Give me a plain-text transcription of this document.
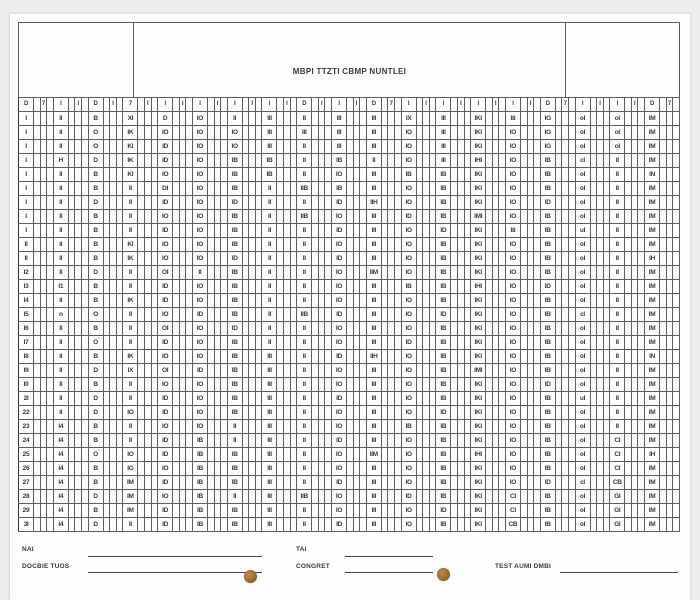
MBPI TTZTI CBMP NUNTLEI
D		7		I		I		D		I		7		I		I		I		I		I		I		I		I		I		D		I		I		I		D		7		I		I		I		I		I		I		I		I		D		7		I		I		I		I		D		7	
I				Il				B				XI				D				IO				II				III				II				III				III				IX				III				IKI				I8				IG				oI				oI				IM			
I				Il				O				IK				IO				IO				IO				III				III				III				III				IO				III				IKI				IO				IG				oI				oI				IM			
I				Il				O				KI				ID				IO				IO				III				II				III				III				IO				III				IKI				IO				IG				oI				oI				IM			
I				H				D				IK				ID				IO				IB				IB				II				IB				II				IO				III				IHI				IO				IB				cI				II				IM			
I				Il				B				KI				IO				IO				IB				IB				II				IO				III				IB				IB				IKI				IO				IB				oI				II				IN			
I				Il				B				II				DI				IO				IB				II				IIB				IB				III				IO				IB				IKI				IO				IB				oI				II				IM			
I				Il				D				II				ID				IO				ID				II				II				ID				IIH				IO				IB				IKI				IO				ID				oI				II				IM			
I				Il				B				II				IO				IO				IB				II				IIB				IO				III				ID				IB				IMI				IO				IB				oI				II				IM			
I				Il				B				II				ID				IO				IB				II				II				ID				III				IO				ID				IKI				I8				IB				uI				II				IM			
II				Il				B				KI				IO				IO				IB				II				II				IO				III				IO				IB				IKI				IO				IB				oI				II				IM			
II				Il				B				IK				IO				IO				ID				II				II				ID				III				IO				IB				IKI				IO				IB				oI				II				IH			
I2				Il				D				II				OI				II				IB				II				II				IO				IIM				IO				IB				IKI				IO				IB				oI				II				IM			
I3				I1				B				II				ID				IO				IB				II				II				IO				III				IB				IB				IHI				IO				ID				oI				II				IM			
I4				Il				B				IK				ID				IO				IB				II				II				IO				III				IO				IB				IKI				IO				IB				oI				II				IM			
I5				n				O				II				IO				ID				IB				II				IIB				ID				III				IO				ID				IKI				IO				IB				cI				II				IM			
I6				Il				B				II				OI				IO				ID				II				II				IO				III				IO				IB				IKI				IO				IB				oI				II				IM			
I7				Il				O				II				ID				IO				IB				II				II				IO				III				ID				IB				IKI				IO				IB				oI				II				IM			
I8				Il				B				IK				IO				IO				IB				III				II				ID				IIH				IO				IB				IKI				IO				IB				oI				II				IN			
I9				Il				D				IX				OI				ID				IB				III				II				IO				III				IO				IB				IMI				IO				IB				oI				II				IM			
I0				Il				B				II				IO				IO				IB				III				II				IO				III				IO				IB				IKI				IO				ID				oI				II				IM			
2I				Il				D				II				ID				IO				IB				III				II				ID				III				IO				IB				IKI				IO				IB				uI				II				IM			
22				Il				D				IO				ID				IO				IB				III				II				IO				III				IO				ID				IKI				IO				IB				oI				II				IM			
23				I4				B				II				IO				IO				II				III				II				IO				III				IB				IB				IKI				IO				IB				oI				II				IM			
24				I4				B				II				ID				IB				II				III				II				ID				III				IO				IB				IKI				IO				IB				oI				CI				IM			
25				I4				O				IO				ID				IB				IB				III				II				IO				IIM				IO				IB				IHI				IO				IB				oI				CI				IH			
26				I4				B				IG				IO				IB				IB				III				II				IO				III				IO				IB				IKI				IO				IB				oI				CI				IM			
27				I4				B				IM				ID				IB				IB				III				II				ID				III				IO				IB				IKI				IO				ID				cI				CB				IM			
28				I4				D				IM				IO				IB				II				III				IIB				IO				III				ID				IB				IKI				CI				IB				oI				GI				IM			
29				I4				B				IM				ID				IB				IB				III				II				IO				III				IO				ID				IKI				CI				IB				oI				GI				IM			
3I				I4				D				II				ID				IB				IB				III				II				ID				III				IO				IB				IKI				CB				IB				oI				GI				IM			
NAI	TAI
DOCBIE TUOS	CONGRET	TEST AUMI DMBI
